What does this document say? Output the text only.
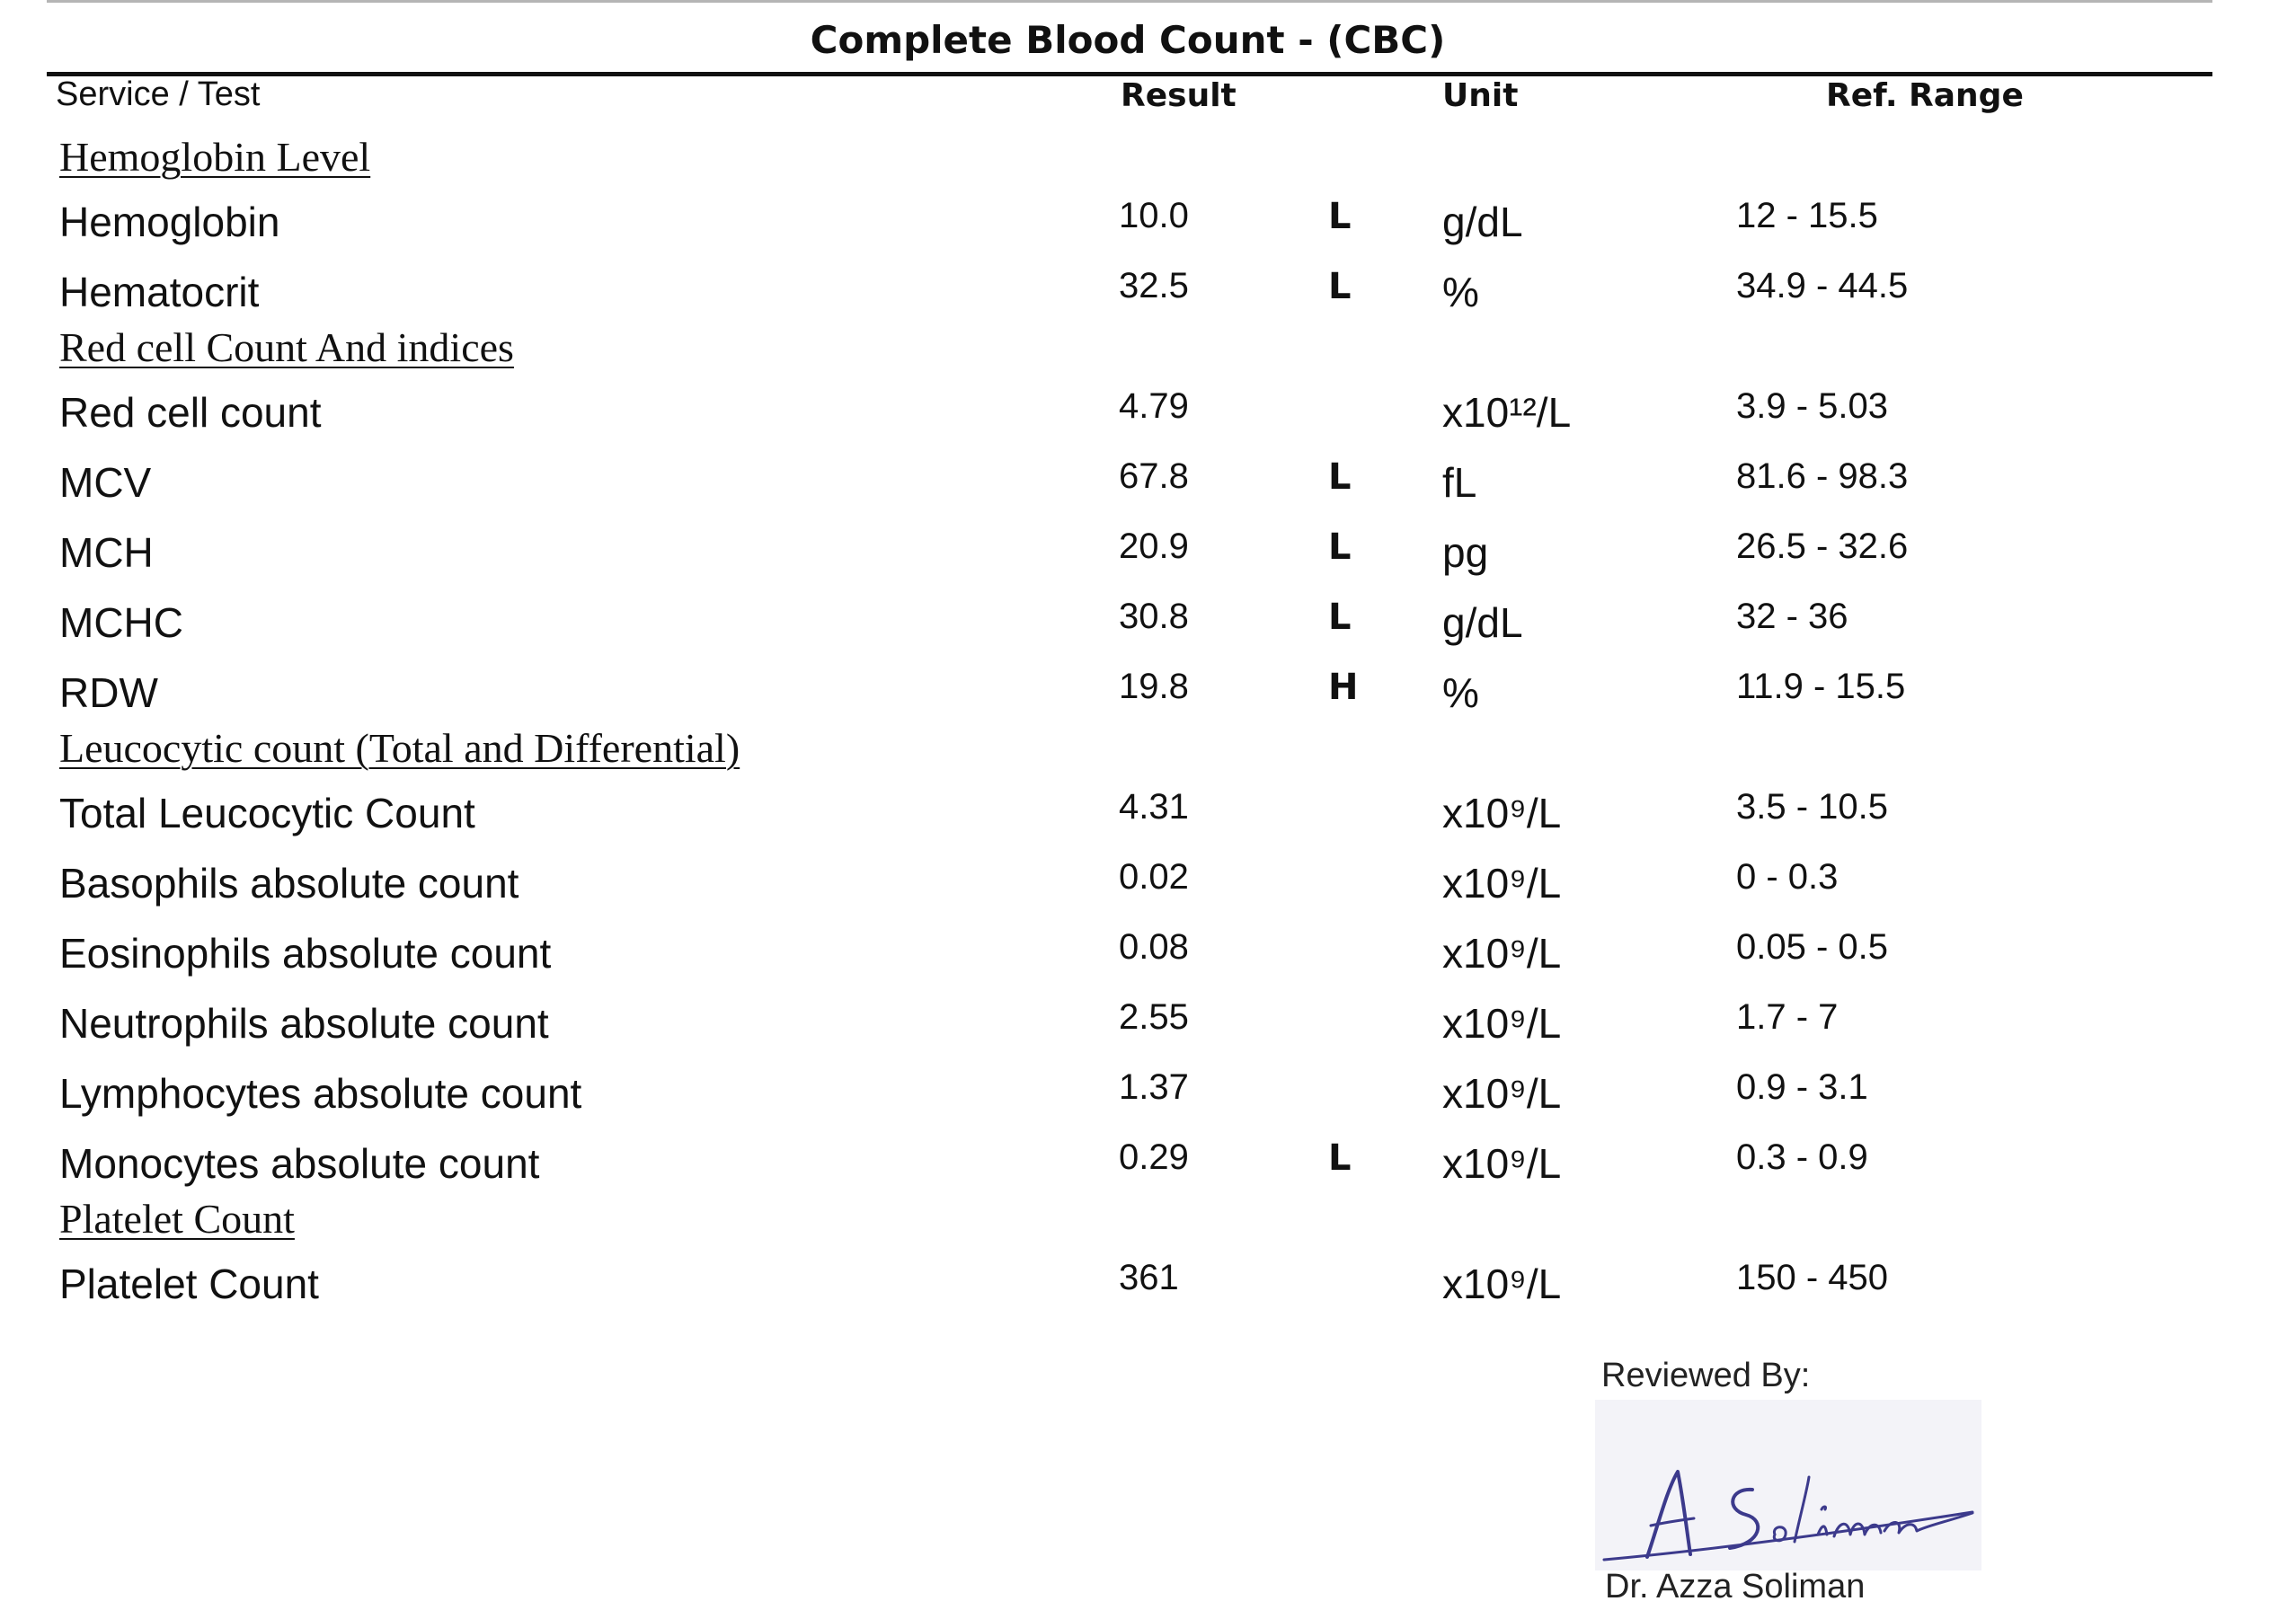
Complete Blood Count - (CBC)
Service / Test	Result	Unit	Ref. Range
Hemoglobin Level
Hemoglobin	10.0	L g/dL	12 - 15.5
Hematocrit	32.5	L %	34.9 - 44.5
Red cell Count And indices
Red cell count	4.79	x10¹²/L	3.9 - 5.03
MCV	67.8	L fL	81.6 - 98.3
MCH	20.9	L pg	26.5 - 32.6
MCHC	30.8	L g/dL	32 - 36
RDW	19.8	H %	11.9 - 15.5
Leucocytic count (Total and Differential)
Total Leucocytic Count	4.31	x10⁹/L	3.5 - 10.5
Basophils absolute count	0.02	x10⁹/L	0 - 0.3
Eosinophils absolute count	0.08	x10⁹/L	0.05 - 0.5
Neutrophils absolute count	2.55	x10⁹/L	1.7 - 7
Lymphocytes absolute count	1.37	x10⁹/L	0.9 - 3.1
Monocytes absolute count	0.29	L x10⁹/L	0.3 - 0.9
Platelet Count
Platelet Count	361	x10⁹/L	150 - 450
Reviewed By:
Dr. Azza Soliman
